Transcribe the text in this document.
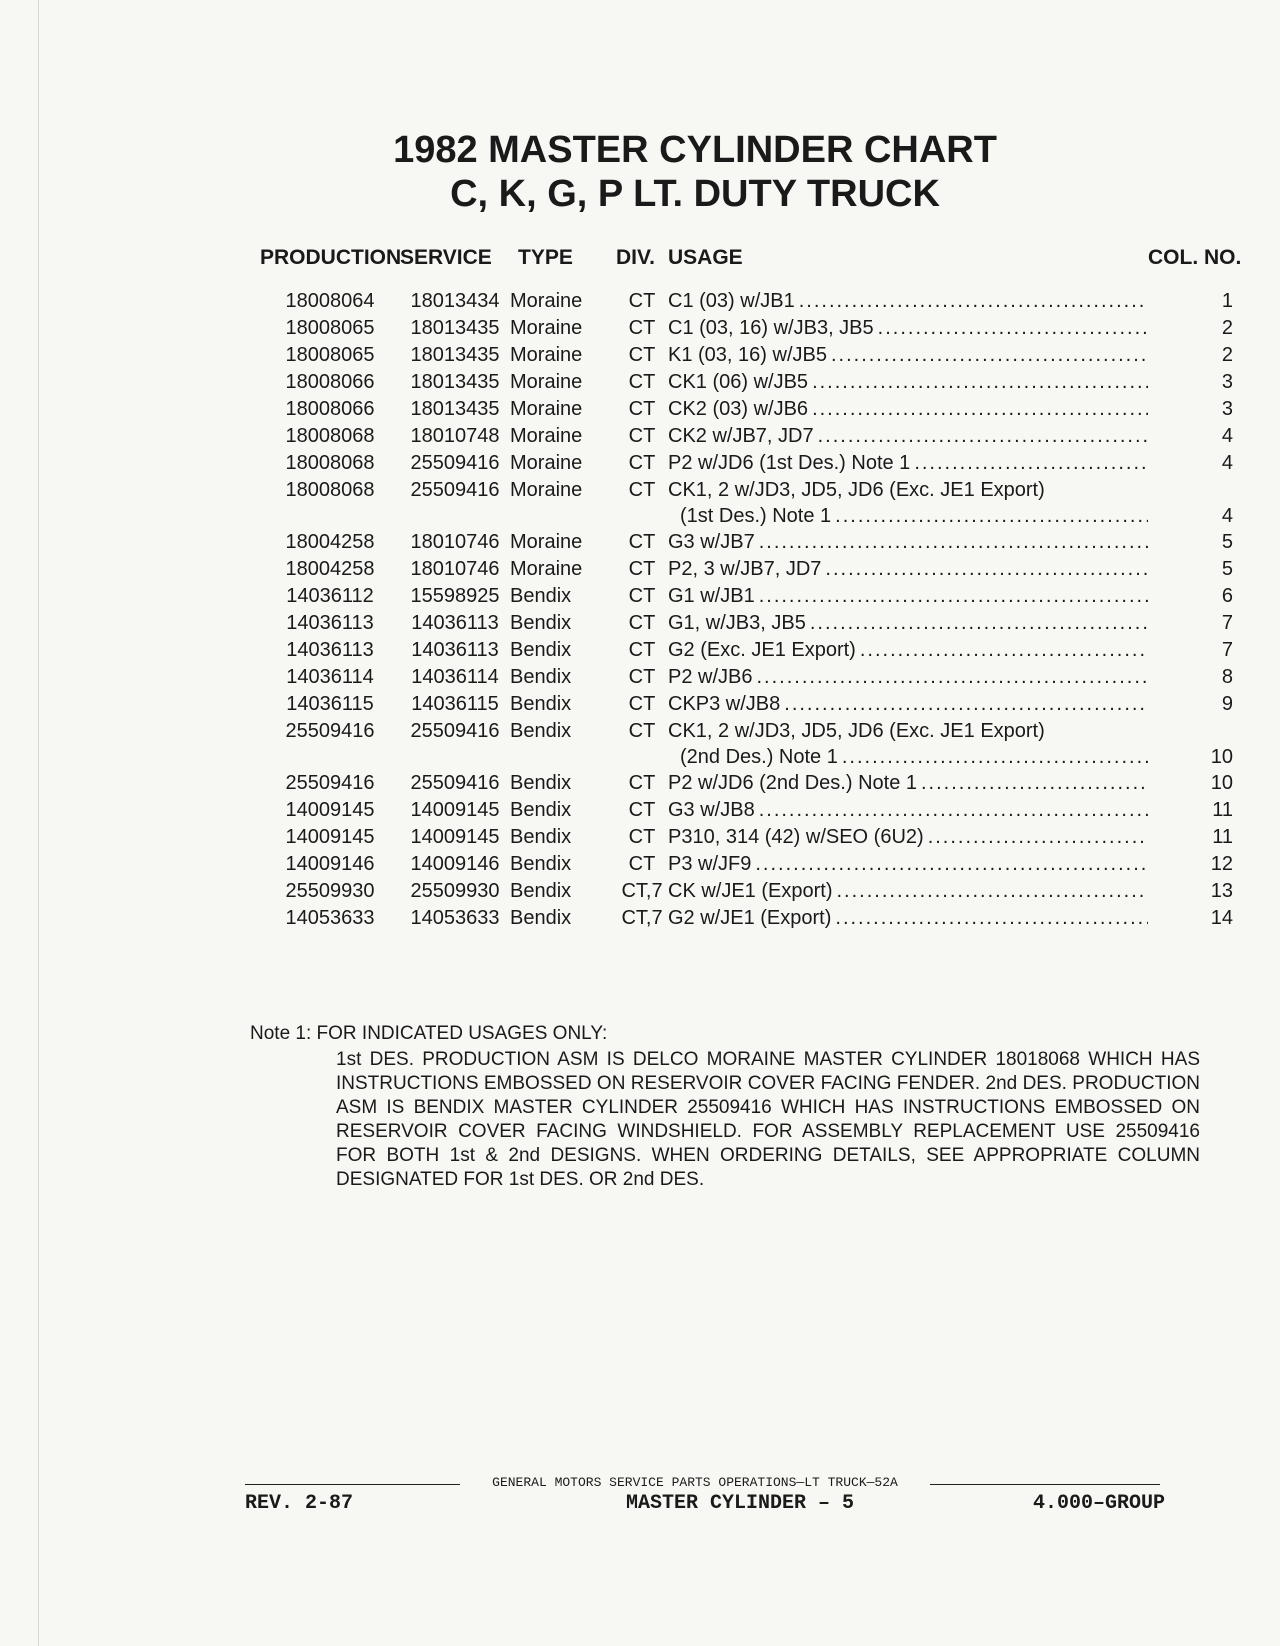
1982 MASTER CYLINDER CHART
C, K, G, P LT. DUTY TRUCK
PRODUCTION	SERVICE	TYPE	DIV.	USAGE	COL. NO.
18008064	18013434	Moraine	CT	C1 (03) w/JB1
.....	1
18008065	18013435	Moraine	CT	C1 (03, 16) w/JB3, JB5
.....	2
18008065	18013435	Moraine	CT	K1 (03, 16) w/JB5
.....	2
18008066	18013435	Moraine	CT	CK1 (06) w/JB5
.....	3
18008066	18013435	Moraine	CT	CK2 (03) w/JB6
.....	3
18008068	18010748	Moraine	CT	CK2 w/JB7, JD7
.....	4
18008068	25509416	Moraine	CT	P2 w/JD6 (1st Des.) Note 1
.....	4
18008068	25509416	Moraine	CT	CK1, 2 w/JD3, JD5, JD6 (Exc. JE1 Export)
(1st Des.) Note 1
.....	4

18004258	18010746	Moraine	CT	G3 w/JB7
.....	5
18004258	18010746	Moraine	CT	P2, 3 w/JB7, JD7
.....	5
14036112	15598925	Bendix	CT	G1 w/JB1
.....	6
14036113	14036113	Bendix	CT	G1, w/JB3, JB5
.....	7
14036113	14036113	Bendix	CT	G2 (Exc. JE1 Export)
.....	7
14036114	14036114	Bendix	CT	P2 w/JB6
.....	8
14036115	14036115	Bendix	CT	CKP3 w/JB8
.....	9
25509416	25509416	Bendix	CT	CK1, 2 w/JD3, JD5, JD6 (Exc. JE1 Export)
(2nd Des.) Note 1
.....	10

25509416	25509416	Bendix	CT	P2 w/JD6 (2nd Des.) Note 1
.....	10
14009145	14009145	Bendix	CT	G3 w/JB8
.....	11
14009145	14009145	Bendix	CT	P310, 314 (42) w/SEO (6U2)
.....	11
14009146	14009146	Bendix	CT	P3 w/JF9
.....	12
25509930	25509930	Bendix	CT,7	CK w/JE1 (Export)
.....	13
14053633	14053633	Bendix	CT,7	G2 w/JE1 (Export)
.....	14
Note 1: FOR INDICATED USAGES ONLY:
1st DES. PRODUCTION ASM IS DELCO MORAINE MASTER CYLINDER 18018068 WHICH HAS INSTRUCTIONS EMBOSSED ON RESERVOIR COVER FACING FENDER. 2nd DES. PRODUCTION ASM IS BENDIX MASTER CYLINDER 25509416 WHICH HAS INSTRUCTIONS EMBOSSED ON RESERVOIR COVER FACING WINDSHIELD. FOR ASSEMBLY REPLACEMENT USE 25509416 FOR BOTH 1st & 2nd DESIGNS. WHEN ORDERING DETAILS, SEE APPROPRIATE COLUMN DESIGNATED FOR 1st DES. OR 2nd DES.
GENERAL MOTORS SERVICE PARTS OPERATIONS—LT TRUCK—52A
REV. 2-87	MASTER CYLINDER – 5	4.000–GROUP
